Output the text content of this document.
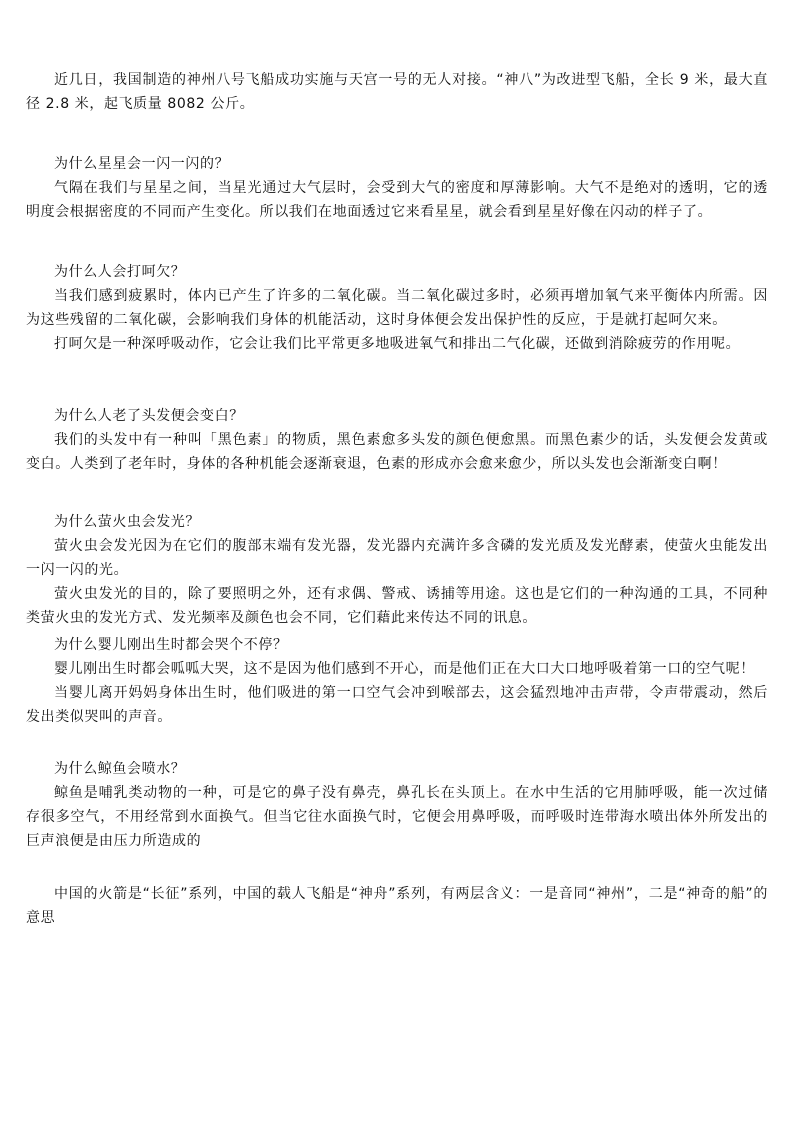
近几日，我国制造的神州八号飞船成功实施与天宫一号的无人对接。“神八”为改进型飞船，全长 9 米，最大直径 2.8 米，起飞质量 8082 公斤。

为什么星星会一闪一闪的？

气隔在我们与星星之间，当星光通过大气层时，会受到大气的密度和厚薄影响。大气不是绝对的透明，它的透明度会根据密度的不同而产生变化。所以我们在地面透过它来看星星，就会看到星星好像在闪动的样子了。

为什么人会打呵欠？

当我们感到疲累时，体内已产生了许多的二氧化碳。当二氧化碳过多时，必须再增加氧气来平衡体内所需。因为这些残留的二氧化碳，会影响我们身体的机能活动，这时身体便会发出保护性的反应，于是就打起呵欠来。

打呵欠是一种深呼吸动作，它会让我们比平常更多地吸进氧气和排出二气化碳，还做到消除疲劳的作用呢。

为什么人老了头发便会变白？

我们的头发中有一种叫「黑色素」的物质，黑色素愈多头发的颜色便愈黑。而黑色素少的话，头发便会发黄或变白。人类到了老年时，身体的各种机能会逐渐衰退，色素的形成亦会愈来愈少，所以头发也会渐渐变白啊！

为什么萤火虫会发光？

萤火虫会发光因为在它们的腹部末端有发光器，发光器内充满许多含磷的发光质及发光酵素，使萤火虫能发出一闪一闪的光。

萤火虫发光的目的，除了要照明之外，还有求偶、警戒、诱捕等用途。这也是它们的一种沟通的工具，不同种类萤火虫的发光方式、发光频率及颜色也会不同，它们藉此来传达不同的讯息。

为什么婴儿刚出生时都会哭个不停？

婴儿刚出生时都会呱呱大哭，这不是因为他们感到不开心，而是他们正在大口大口地呼吸着第一口的空气呢！

当婴儿离开妈妈身体出生时，他们吸进的第一口空气会冲到喉部去，这会猛烈地冲击声带，令声带震动，然后发出类似哭叫的声音。

为什么鲸鱼会喷水？

鲸鱼是哺乳类动物的一种，可是它的鼻子没有鼻壳，鼻孔长在头顶上。在水中生活的它用肺呼吸，能一次过储存很多空气，不用经常到水面换气。但当它往水面换气时，它便会用鼻呼吸，而呼吸时连带海水喷出体外所发出的巨声浪便是由压力所造成的

中国的火箭是“长征”系列，中国的载人飞船是“神舟”系列，有两层含义：一是音同“神州”，二是“神奇的船”的意思
